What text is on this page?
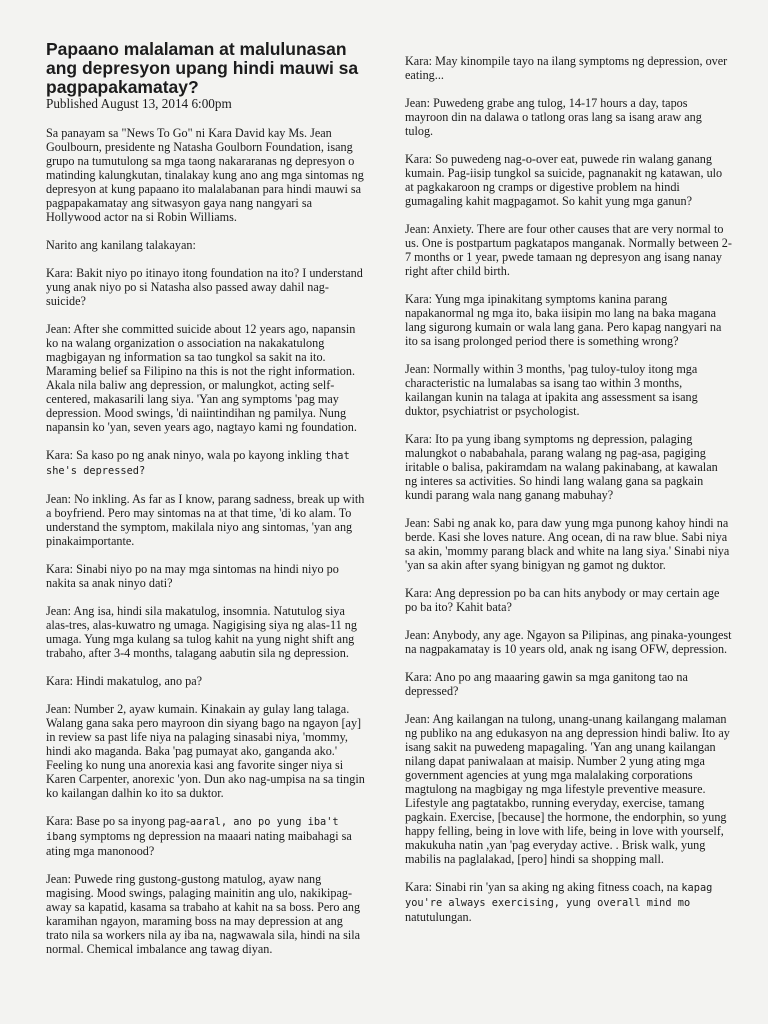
Papaano malalaman at malulunasan ang depresyon upang hindi mauwi sa pagpapakamatay?
Published August 13, 2014 6:00pm

Sa panayam sa "News To Go" ni Kara David kay Ms. Jean Goulbourn, presidente ng Natasha Goulborn Foundation, isang grupo na tumutulong sa mga taong nakararanas ng depresyon o matinding kalungkutan, tinalakay kung ano ang mga sintomas ng depresyon at kung papaano ito malalabanan para hindi mauwi sa pagpapakamatay ang sitwasyon gaya nang nangyari sa Hollywood actor na si Robin Williams.

Narito ang kanilang talakayan:

Kara: Bakit niyo po itinayo itong foundation na ito? I understand yung anak niyo po si Natasha also passed away dahil nag-suicide?

Jean: After she committed suicide about 12 years ago, napansin ko na walang organization o association na nakakatulong magbigayan ng information sa tao tungkol sa sakit na ito. Maraming belief sa Filipino na this is not the right information. Akala nila baliw ang depression, or malungkot, acting self-centered, makasarili lang siya. 'Yan ang symptoms 'pag may depression. Mood swings, 'di naiintindihan ng pamilya. Nung napansin ko 'yan, seven years ago, nagtayo kami ng foundation.

Kara: Sa kaso po ng anak ninyo, wala po kayong inkling that she's depressed?

Jean: No inkling. As far as I know, parang sadness, break up with a boyfriend. Pero may sintomas na at that time, 'di ko alam. To understand the symptom, makilala niyo ang sintomas, 'yan ang pinakaimportante.

Kara: Sinabi niyo po na may mga sintomas na hindi niyo po nakita sa anak ninyo dati?

Jean: Ang isa, hindi sila makatulog, insomnia. Natutulog siya alas-tres, alas-kuwatro ng umaga. Nagigising siya ng alas-11 ng umaga. Yung mga kulang sa tulog kahit na yung night shift ang trabaho, after 3-4 months, talagang aabutin sila ng depression.

Kara: Hindi makatulog, ano pa?

Jean: Number 2, ayaw kumain. Kinakain ay gulay lang talaga. Walang gana saka pero mayroon din siyang bago na ngayon [ay] in review sa past life niya na palaging sinasabi niya, 'mommy, hindi ako maganda. Baka 'pag pumayat ako, ganganda ako.' Feeling ko nung una anorexia kasi ang favorite singer niya si Karen Carpenter, anorexic 'yon. Dun ako nag-umpisa na sa tingin ko kailangan dalhin ko ito sa duktor.

Kara: Base po sa inyong pag-aaral, ano po yung iba't ibang symptoms ng depression na maaari nating maibahagi sa ating mga manonood?

Jean: Puwede ring gustong-gustong matulog, ayaw nang magising. Mood swings, palaging mainitin ang ulo, nakikipag-away sa kapatid, kasama sa trabaho at kahit na sa boss. Pero ang karamihan ngayon, maraming boss na may depression at ang trato nila sa workers nila ay iba na, nagwawala sila, hindi na sila normal. Chemical imbalance ang tawag diyan.

Kara: May kinompile tayo na ilang symptoms ng depression, over eating...

Jean: Puwedeng grabe ang tulog, 14-17 hours a day, tapos mayroon din na dalawa o tatlong oras lang sa isang araw ang tulog.

Kara: So puwedeng nag-o-over eat, puwede rin walang ganang kumain. Pag-iisip tungkol sa suicide, pagnanakit ng katawan, ulo at pagkakaroon ng cramps or digestive problem na hindi gumagaling kahit magpagamot. So kahit yung mga ganun?

Jean: Anxiety. There are four other causes that are very normal to us. One is postpartum pagkatapos manganak. Normally between 2-7 months or 1 year, pwede tamaan ng depresyon ang isang nanay right after child birth.

Kara: Yung mga ipinakitang symptoms kanina parang napakanormal ng mga ito, baka iisipin mo lang na baka magana lang sigurong kumain or wala lang gana. Pero kapag nangyari na ito sa isang prolonged period there is something wrong?

Jean: Normally within 3 months, 'pag tuloy-tuloy itong mga characteristic na lumalabas sa isang tao within 3 months, kailangan kunin na talaga at ipakita ang assessment sa isang duktor, psychiatrist or psychologist.

Kara: Ito pa yung ibang symptoms ng depression, palaging malungkot o nababahala, parang walang ng pag-asa, pagiging iritable o balisa, pakiramdam na walang pakinabang, at kawalan ng interes sa activities. So hindi lang walang gana sa pagkain kundi parang wala nang ganang mabuhay?

Jean: Sabi ng anak ko, para daw yung mga punong kahoy hindi na berde. Kasi she loves nature. Ang ocean, di na raw blue. Sabi niya sa akin, 'mommy parang black and white na lang siya.' Sinabi niya 'yan sa akin after syang binigyan ng gamot ng duktor.

Kara: Ang depression po ba can hits anybody or may certain age po ba ito? Kahit bata?

Jean: Anybody, any age. Ngayon sa Pilipinas, ang pinaka-youngest na nagpakamatay is 10 years old, anak ng isang OFW, depression.

Kara: Ano po ang maaaring gawin sa mga ganitong tao na depressed?

Jean: Ang kailangan na tulong, unang-unang kailangang malaman ng publiko na ang edukasyon na ang depression hindi baliw. Ito ay isang sakit na puwedeng mapagaling. 'Yan ang unang kailangan nilang dapat paniwalaan at maisip. Number 2 yung ating mga government agencies at yung mga malalaking corporations magtulong na magbigay ng mga lifestyle preventive measure. Lifestyle ang pagtatakbo, running everyday, exercise, tamang pagkain. Exercise, [because] the hormone, the endorphin, so yung happy felling, being in love with life, being in love with yourself, makukuha natin ,yan 'pag everyday active. . Brisk walk, yung mabilis na paglalakad, [pero] hindi sa shopping mall.

Kara: Sinabi rin 'yan sa aking ng aking fitness coach, na kapag you're always exercising, yung overall mind mo natutulungan.
